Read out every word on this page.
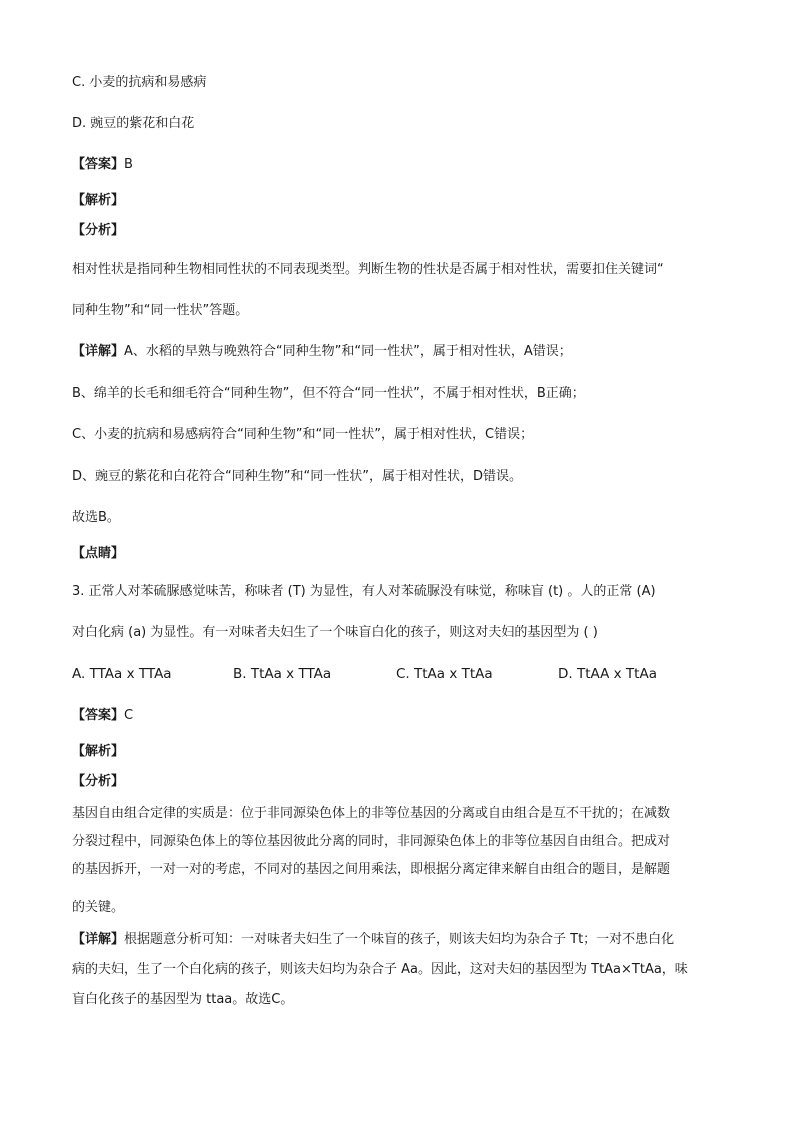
C. 小麦的抗病和易感病
D. 豌豆的紫花和白花
【答案】B
【解析】
【分析】
相对性状是指同种生物相同性状的不同表现类型。判断生物的性状是否属于相对性状，需要扣住关键词“
同种生物”和“同一性状”答题。
【详解】A、水稻的早熟与晚熟符合“同种生物”和“同一性状”，属于相对性状，A错误；
B、绵羊的长毛和细毛符合“同种生物”，但不符合“同一性状”，不属于相对性状，B正确；
C、小麦的抗病和易感病符合“同种生物”和“同一性状”，属于相对性状，C错误；
D、豌豆的紫花和白花符合“同种生物”和“同一性状”，属于相对性状，D错误。
故选B。
【点睛】
3. 正常人对苯硫脲感觉味苦，称味者 (T) 为显性，有人对苯硫脲没有味觉，称味盲 (t) 。人的正常 (A)
对白化病 (a) 为显性。有一对味者夫妇生了一个味盲白化的孩子，则这对夫妇的基因型为 ( )
A. TTAa x TTAa	B. TtAa x TTAa	C. TtAa x TtAa	D. TtAA x TtAa
【答案】C
【解析】
【分析】
基因自由组合定律的实质是：位于非同源染色体上的非等位基因的分离或自由组合是互不干扰的；在减数
分裂过程中，同源染色体上的等位基因彼此分离的同时，非同源染色体上的非等位基因自由组合。把成对
的基因拆开，一对一对的考虑，不同对的基因之间用乘法，即根据分离定律来解自由组合的题目，是解题
的关键。
【详解】根据题意分析可知：一对味者夫妇生了一个味盲的孩子，则该夫妇均为杂合子 Tt；一对不患白化
病的夫妇，生了一个白化病的孩子，则该夫妇均为杂合子 Aa。因此，这对夫妇的基因型为 TtAa×TtAa，味
盲白化孩子的基因型为 ttaa。故选C。
